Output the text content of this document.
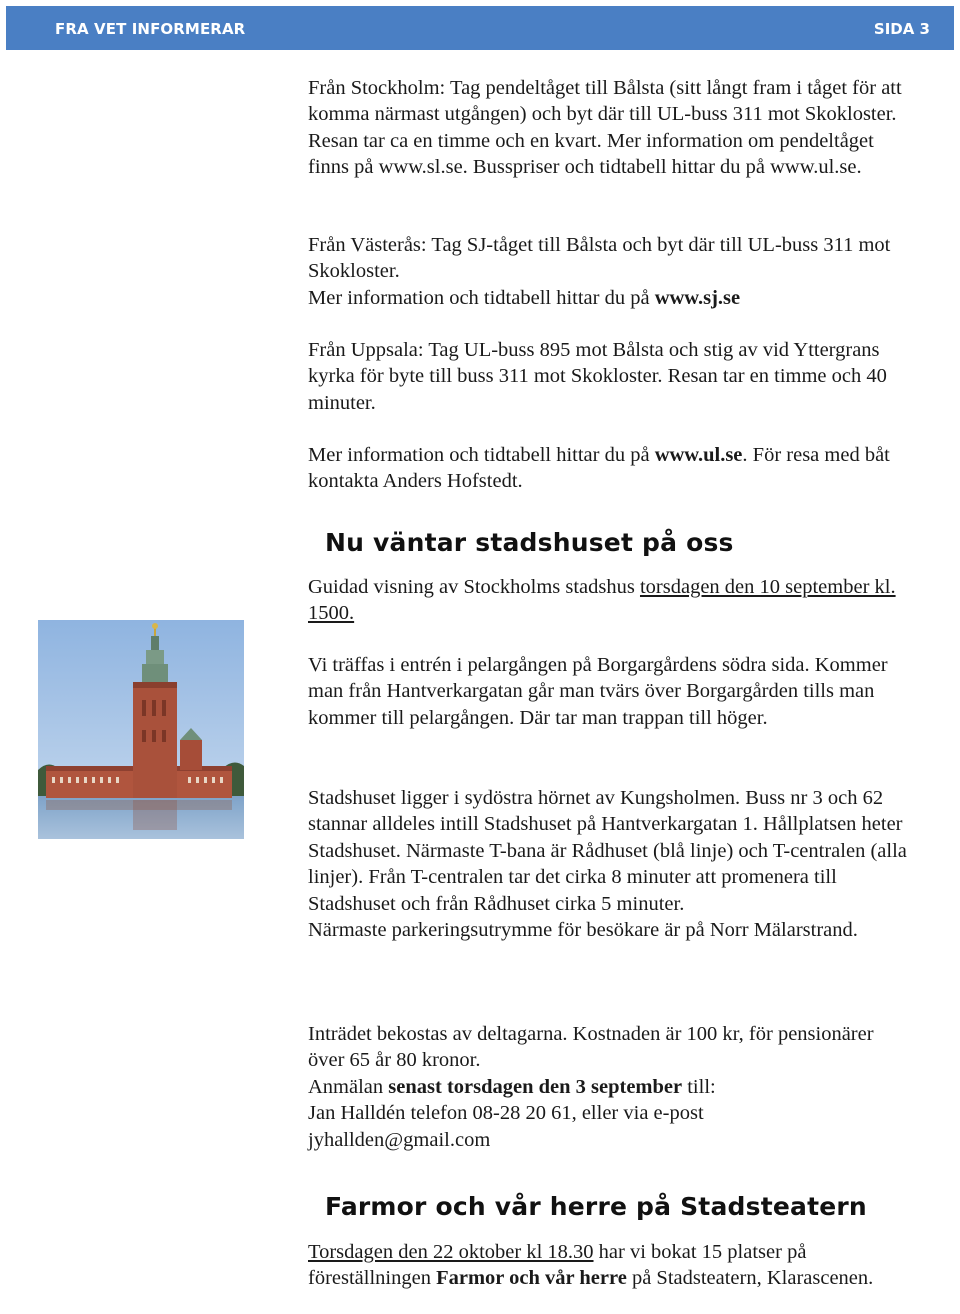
FRA VET INFORMERAR	SIDA 3

Från Stockholm: Tag pendeltåget till Bålsta (sitt långt fram i tåget för att komma närmast utgången) och byt där till UL-buss 311 mot Skokloster. Resan tar ca en timme och en kvart. Mer information om pendeltåget finns på www.sl.se. Busspriser och tidtabell hittar du på www.ul.se.

Från Västerås: Tag SJ-tåget till Bålsta och byt där till UL-buss 311 mot Skokloster.

Mer information och tidtabell hittar du på www.sj.se

Från Uppsala: Tag UL-buss 895 mot Bålsta och stig av vid Yttergrans kyrka för byte till buss 311 mot Skokloster. Resan tar en timme och 40 minuter.

Mer information och tidtabell hittar du på www.ul.se. För resa med båt kontakta Anders Hofstedt.

Nu väntar stadshuset på oss

Guidad visning av Stockholms stadshus torsdagen den 10 september kl. 1500.

Vi träffas i entrén i pelargången på Borgargårdens södra sida. Kommer man från Hantverkargatan går man tvärs över Borgargården tills man kommer till pelargången. Där tar man trappan till höger.

Stadshuset ligger i sydöstra hörnet av Kungsholmen. Buss nr 3 och 62 stannar alldeles intill Stadshuset på Hantverkargatan 1. Hållplatsen heter Stadshuset. Närmaste T-bana är Rådhuset (blå linje) och T-centralen (alla linjer). Från T-centralen tar det cirka 8 minuter att promenera till Stadshuset och från Rådhuset cirka 5 minuter.

Närmaste parkeringsutrymme för besökare är på Norr Mälarstrand.

Inträdet bekostas av deltagarna. Kostnaden är 100 kr, för pensionärer över 65 år 80 kronor.

Anmälan senast torsdagen den 3 september till:

Jan Halldén telefon 08-28 20 61, eller via e-post

jyhallden@gmail.com

Farmor och vår herre på Stadsteatern

Torsdagen den 22 oktober kl 18.30 har vi bokat 15 platser på föreställningen Farmor och vår herre på Stadsteatern, Klarascenen.
